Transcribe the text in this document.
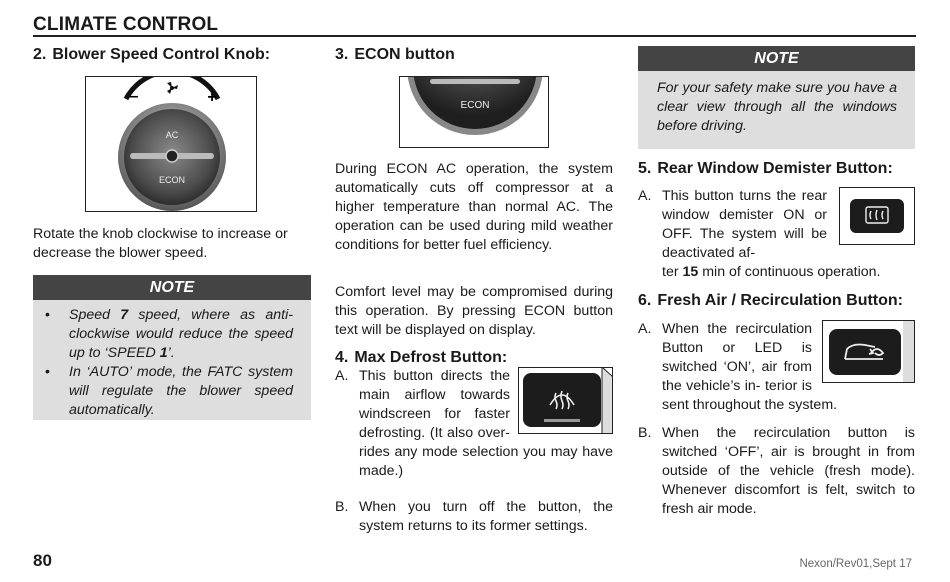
CLIMATE CONTROL
2. Blower Speed Control Knob:
–	+
AC
ECON

Rotate the knob clockwise to increase or decrease the blower speed.

NOTE
• Speed 7 speed, where as anti-clockwise would reduce the speed up to ‘SPEED 1’.
• In ‘AUTO’ mode, the FATC system will regulate the blower speed automatically.
3. ECON button
ECON

During ECON AC operation, the system automatically cuts off compressor at a higher temperature than normal AC. The operation can be used during mild weather conditions for better fuel efficiency.

Comfort level may be compromised during this operation. By pressing ECON button text will be displayed on display.

4. Max Defrost Button:
A. This button directs the main airflow towards windscreen for faster defrosting. (It also over- rides any mode selection you may have made.)
B. When you turn off the button, the system returns to its former settings.
NOTE
For your safety make sure you have a clear view through all the windows before driving.
5. Rear Window Demister Button:
A. This button turns the rear window demister ON or OFF. The system will be deactivated af-
ter 15 min of continuous operation.
6. Fresh Air / Recirculation Button:
A. When the recirculation Button or LED is switched ‘ON’, air from the vehicle’s in- terior is sent throughout the system.
B. When the recirculation button is switched ‘OFF’, air is brought in from outside of the vehicle (fresh mode). Whenever discomfort is felt, switch to fresh air mode.
80	Nexon/Rev01,Sept 17
